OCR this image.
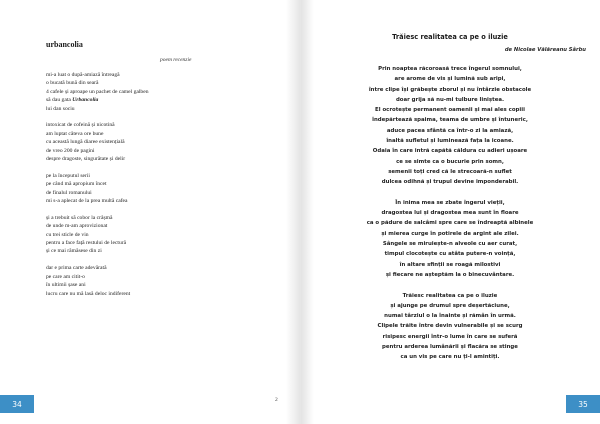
urbancolia
poem recenzie
mi-a luat o după-amiază întreagă
o bucată bună din seară
4 cafele și aproape un pachet de camel galben
să dau gata Urbancolia
lui dan sociu
intoxicat de cofeină și nicotină
am luptat câteva ore bune
cu această lungă diaree existențială
de vreo 200 de pagini
despre dragoste, singurătate și delir
pe la începutul serii
pe când mă apropium încet
de finalul romanului
mi s-a aplecat de la prea multă cafea
și a trebuit să cobor la crâșmă
de unde m-am aprovizionat
cu trei sticle de vin
pentru a face față restului de lectură
și ce mai rămăsese din zi
dar e prima carte adevărată
pe care am citit-o
în ultimii șase ani
lucru care nu mă lasă deloc indiferent
2
34
Trăiesc realitatea ca pe o iluzie
de Nicolae Vălăreanu Sârbu
Prin noaptea răcoroasă trece îngerul somnului,
are arome de vis și lumină sub aripi,
între clipe își grăbește zborul și nu întârzie obstacole
doar grija să nu-mi tulbure liniștea.
El ocrotește permanent oamenii și mai ales copiii
îndepărtează spaima, teama de umbre și întuneric,
aduce pacea sfântă ca într-o zi la amiază,
înaltă sufletul și luminează fața la icoane.
Odaia în care intră capătă căldura cu adieri ușoare
ce se simte ca o bucurie prin somn,
semenii toți cred că le strecoară-n suflet
dulcea odihnă și trupul devine imponderabil.
În inima mea se zbate îngerul vieții,
dragostea lui și dragostea mea sunt în floare
ca o pădure de salcâmi spre care se îndreaptă albinele
și mierea curge în potirele de argint ale zilei.
Sângele se miruiește-n alveole cu aer curat,
timpul clocotește cu atâta putere-n voință,
în altare sfinții se roagă milostivi
și fiecare ne așteptăm la o binecuvântare.
Trăiesc realitatea ca pe o iluzie
și ajunge pe drumul spre deșertăciune,
numai târziul o la înainte și rămân în urmă.
Clipele trăite între devin vulnerabile și se scurg
risipesc energii într-o lume în care se suferă
pentru arderea lumânării și flacăra se stinge
ca un vis pe care nu ți-l amintiți.
35
